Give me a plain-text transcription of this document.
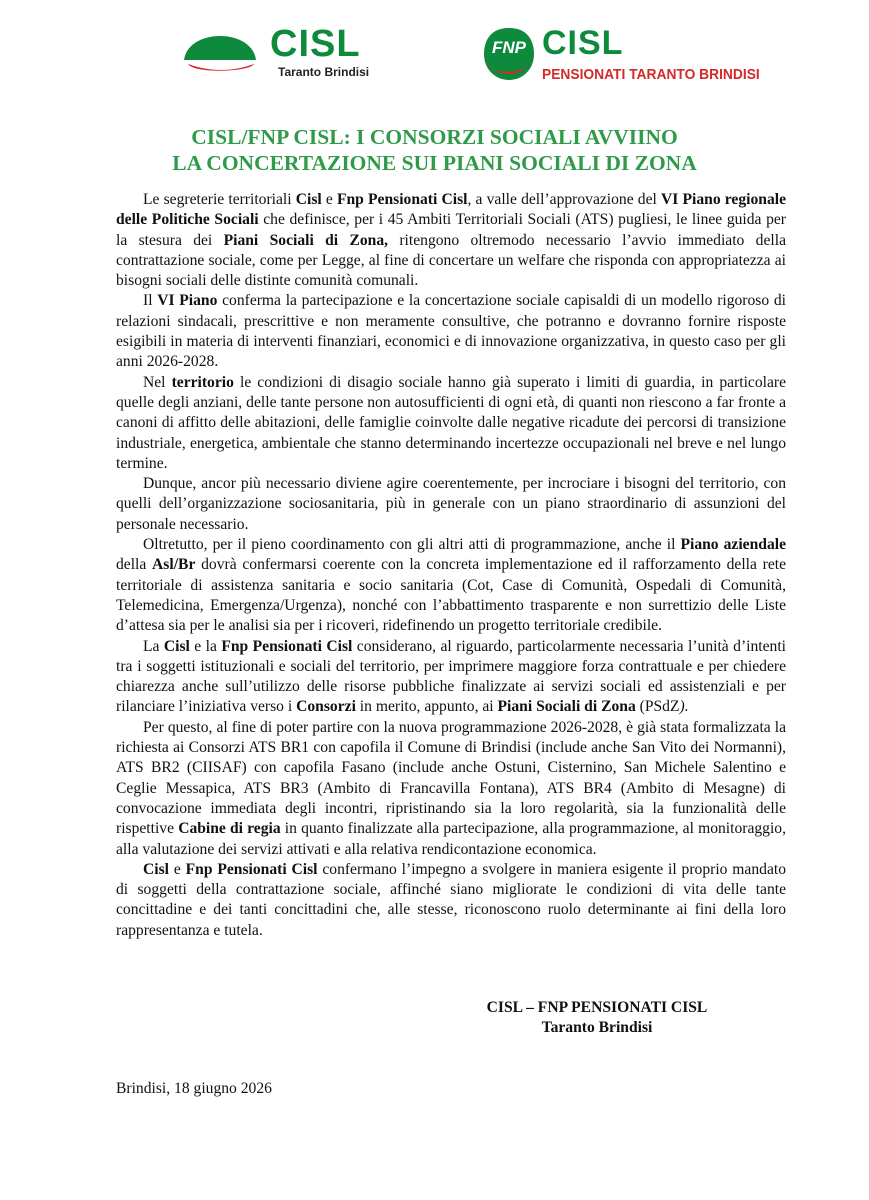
CISL
Taranto Brindisi
FNP CISL
PENSIONATI TARANTO BRINDISI
CISL/FNP CISL: I CONSORZI SOCIALI AVVIINO
LA CONCERTAZIONE SUI PIANI SOCIALI DI ZONA

Le segreterie territoriali Cisl e Fnp Pensionati Cisl, a valle dell’approvazione del VI Piano regionale delle Politiche Sociali che definisce, per i 45 Ambiti Territoriali Sociali (ATS) pugliesi, le linee guida per la stesura dei Piani Sociali di Zona, ritengono oltremodo necessario l’avvio immediato della contrattazione sociale, come per Legge, al fine di concertare un welfare che risponda con appropriatezza ai bisogni sociali delle distinte comunità comunali.

Il VI Piano conferma la partecipazione e la concertazione sociale capisaldi di un modello rigoroso di relazioni sindacali, prescrittive e non meramente consultive, che potranno e dovranno fornire risposte esigibili in materia di interventi finanziari, economici e di innovazione organizzativa, in questo caso per gli anni 2026-2028.

Nel territorio le condizioni di disagio sociale hanno già superato i limiti di guardia, in particolare quelle degli anziani, delle tante persone non autosufficienti di ogni età, di quanti non riescono a far fronte a canoni di affitto delle abitazioni, delle famiglie coinvolte dalle negative ricadute dei percorsi di transizione industriale, energetica, ambientale che stanno determinando incertezze occupazionali nel breve e nel lungo termine.

Dunque, ancor più necessario diviene agire coerentemente, per incrociare i bisogni del territorio, con quelli dell’organizzazione sociosanitaria, più in generale con un piano straordinario di assunzioni del personale necessario.

Oltretutto, per il pieno coordinamento con gli altri atti di programmazione, anche il Piano aziendale della Asl/Br dovrà confermarsi coerente con la concreta implementazione ed il rafforzamento della rete territoriale di assistenza sanitaria e socio sanitaria (Cot, Case di Comunità, Ospedali di Comunità, Telemedicina, Emergenza/Urgenza), nonché con l’abbattimento trasparente e non surrettizio delle Liste d’attesa sia per le analisi sia per i ricoveri, ridefinendo un progetto territoriale credibile.

La Cisl e la Fnp Pensionati Cisl considerano, al riguardo, particolarmente necessaria l’unità d’intenti tra i soggetti istituzionali e sociali del territorio, per imprimere maggiore forza contrattuale e per chiedere chiarezza anche sull’utilizzo delle risorse pubbliche finalizzate ai servizi sociali ed assistenziali e per rilanciare l’iniziativa verso i Consorzi in merito, appunto, ai Piani Sociali di Zona (PSdZ).

Per questo, al fine di poter partire con la nuova programmazione 2026-2028, è già stata formalizzata la richiesta ai Consorzi ATS BR1 con capofila il Comune di Brindisi (include anche San Vito dei Normanni), ATS BR2 (CIISAF) con capofila Fasano (include anche Ostuni, Cisternino, San Michele Salentino e Ceglie Messapica, ATS BR3 (Ambito di Francavilla Fontana), ATS BR4 (Ambito di Mesagne) di convocazione immediata degli incontri, ripristinando sia la loro regolarità, sia la funzionalità delle rispettive Cabine di regia in quanto finalizzate alla partecipazione, alla programmazione, al monitoraggio, alla valutazione dei servizi attivati e alla relativa rendicontazione economica.

Cisl e Fnp Pensionati Cisl confermano l’impegno a svolgere in maniera esigente il proprio mandato di soggetti della contrattazione sociale, affinché siano migliorate le condizioni di vita delle tante concittadine e dei tanti concittadini che, alle stesse, riconoscono ruolo determinante ai fini della loro rappresentanza e tutela.

CISL – FNP PENSIONATI CISL
Taranto Brindisi
Brindisi, 18 giugno 2026
